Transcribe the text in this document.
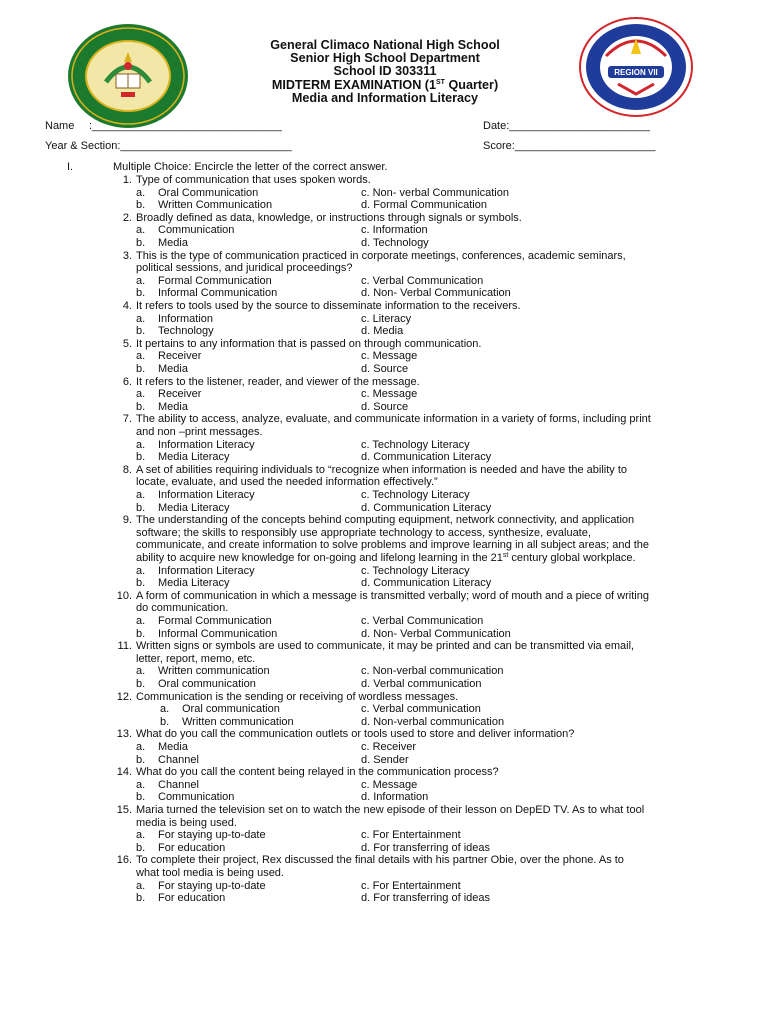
REGION VII
General Climaco National High School
Senior High School Department
School ID 303311
MIDTERM EXAMINATION (1ST Quarter)
Media and Information Literacy
Name :_______________________________	Date:_______________________
Year & Section:____________________________	Score:_______________________
I.	Multiple Choice: Encircle the letter of the correct answer.
1. Type of communication that uses spoken words.
a. Oral Communication	c. Non- verbal Communication
b. Written Communication	d. Formal Communication
2. Broadly defined as data, knowledge, or instructions through signals or symbols.
a. Communication	c. Information
b. Media	d. Technology
3. This is the type of communication practiced in corporate meetings, conferences, academic seminars,
political sessions, and juridical proceedings?
a. Formal Communication	c. Verbal Communication
b. Informal Communication	d. Non- Verbal Communication
4. It refers to tools used by the source to disseminate information to the receivers.
a. Information	c. Literacy
b. Technology	d. Media
5. It pertains to any information that is passed on through communication.
a. Receiver	c. Message
b. Media	d. Source
6. It refers to the listener, reader, and viewer of the message.
a. Receiver	c. Message
b. Media	d. Source
7. The ability to access, analyze, evaluate, and communicate information in a variety of forms, including print
and non –print messages.
a. Information Literacy	c. Technology Literacy
b. Media Literacy	d. Communication Literacy
8. A set of abilities requiring individuals to “recognize when information is needed and have the ability to
locate, evaluate, and used the needed information effectively.”
a. Information Literacy	c. Technology Literacy
b. Media Literacy	d. Communication Literacy
9. The understanding of the concepts behind computing equipment, network connectivity, and application
software; the skills to responsibly use appropriate technology to access, synthesize, evaluate,
communicate, and create information to solve problems and improve learning in all subject areas; and the
ability to acquire new knowledge for on-going and lifelong learning in the 21st century global workplace.
a. Information Literacy	c. Technology Literacy
b. Media Literacy	d. Communication Literacy
10. A form of communication in which a message is transmitted verbally; word of mouth and a piece of writing
do communication.
a. Formal Communication	c. Verbal Communication
b. Informal Communication	d. Non- Verbal Communication
11. Written signs or symbols are used to communicate, it may be printed and can be transmitted via email,
letter, report, memo, etc.
a. Written communication	c. Non-verbal communication
b. Oral communication	d. Verbal communication
12. Communication is the sending or receiving of wordless messages.
a. Oral communication	c. Verbal communication
b. Written communication	d. Non-verbal communication
13. What do you call the communication outlets or tools used to store and deliver information?
a. Media	c. Receiver
b. Channel	d. Sender
14. What do you call the content being relayed in the communication process?
a. Channel	c. Message
b. Communication	d. Information
15. Maria turned the television set on to watch the new episode of their lesson on DepED TV. As to what tool
media is being used.
a. For staying up-to-date	c. For Entertainment
b. For education	d. For transferring of ideas
16. To complete their project, Rex discussed the final details with his partner Obie, over the phone. As to
what tool media is being used.
a. For staying up-to-date	c. For Entertainment
b. For education	d. For transferring of ideas
